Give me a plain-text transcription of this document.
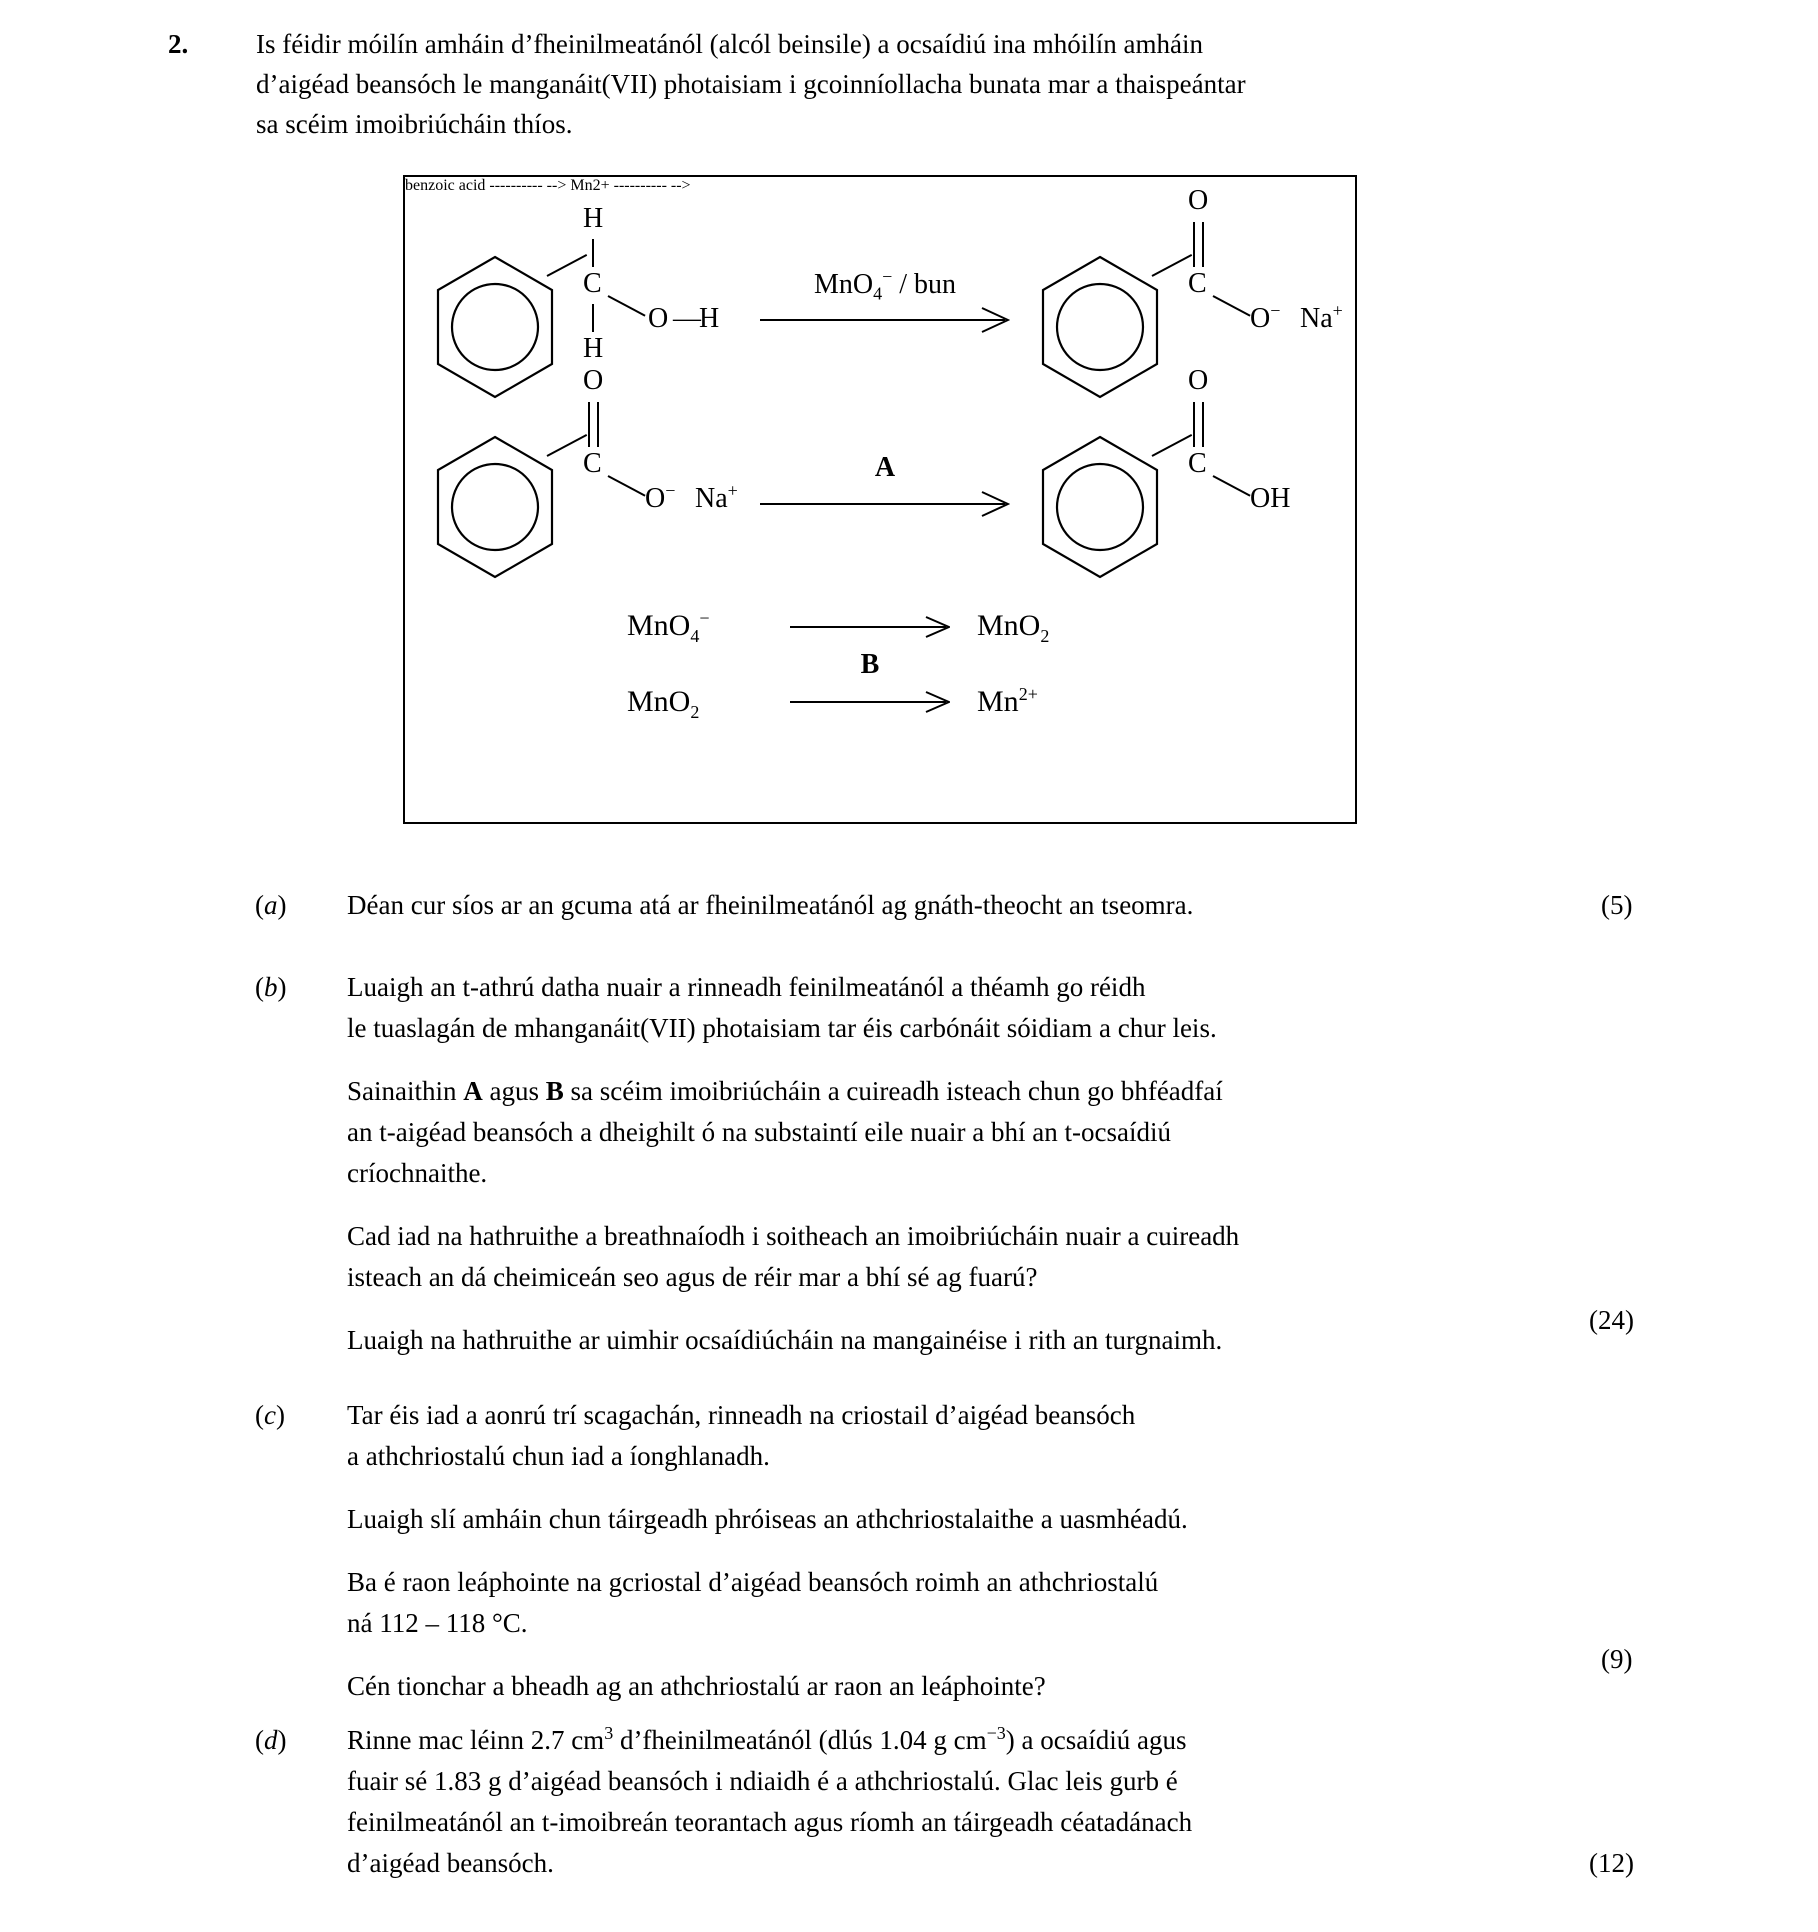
2.	Is féidir móilín amháin d’fheinilmeatánól (alcól beinsile) a ocsaídiú ina mhóilín amháin
d’aigéad beansóch le manganáit(VII) photaisiam i gcoinníollacha bunata mar a thaispeántar
sa scéim imoibriúcháin thíos.
H
C
H
O —
H
MnO$_4$− / bun
O
C
O− Na+
benzoic acid ---------- -->
O
C
O− Na+
A
O
C
OH
MnO$_4$−	MnO$_2$
Mn2+ ---------- -->
MnO$_2$
B
$Mn^{2+}$
(a)	Déan cur síos ar an gcuma atá ar fheinilmeatánól ag gnáth-theocht an tseomra.	(5)
(b)	Luaigh an t-athrú datha nuair a rinneadh feinilmeatánól a théamh go réidh
le tuaslagán de mhanganáit(VII) photaisiam tar éis carbónáit sóidiam a chur leis.
Sainaithin A agus B sa scéim imoibriúcháin a cuireadh isteach chun go bhféadfaí
an t-aigéad beansóch a dheighilt ó na substaintí eile nuair a bhí an t-ocsaídiú
críochnaithe.
Cad iad na hathruithe a breathnaíodh i soitheach an imoibriúcháin nuair a cuireadh
isteach an dá cheimiceán seo agus de réir mar a bhí sé ag fuarú?
Luaigh na hathruithe ar uimhir ocsaídiúcháin na mangainéise i rith an turgnaimh.
(24)
(c)	Tar éis iad a aonrú trí scagachán, rinneadh na criostail d’aigéad beansóch
a athchriostalú chun iad a íonghlanadh.
Luaigh slí amháin chun táirgeadh phróiseas an athchriostalaithe a uasmhéadú.
Ba é raon leáphointe na gcriostal d’aigéad beansóch roimh an athchriostalú
ná 112 – 118 °C.
Cén tionchar a bheadh ag an athchriostalú ar raon an leáphointe?
(9)
(d)	Rinne mac léinn 2.7 $cm^3$ d’fheinilmeatánól (dlús 1.04 g $cm^{-3}$) a ocsaídiú agus
fuair sé 1.83 g d’aigéad beansóch i ndiaidh é a athchriostalú. Glac leis gurb é
feinilmeatánól an t-imoibreán teorantach agus ríomh an táirgeadh céatadánach
d’aigéad beansóch.	(12)
